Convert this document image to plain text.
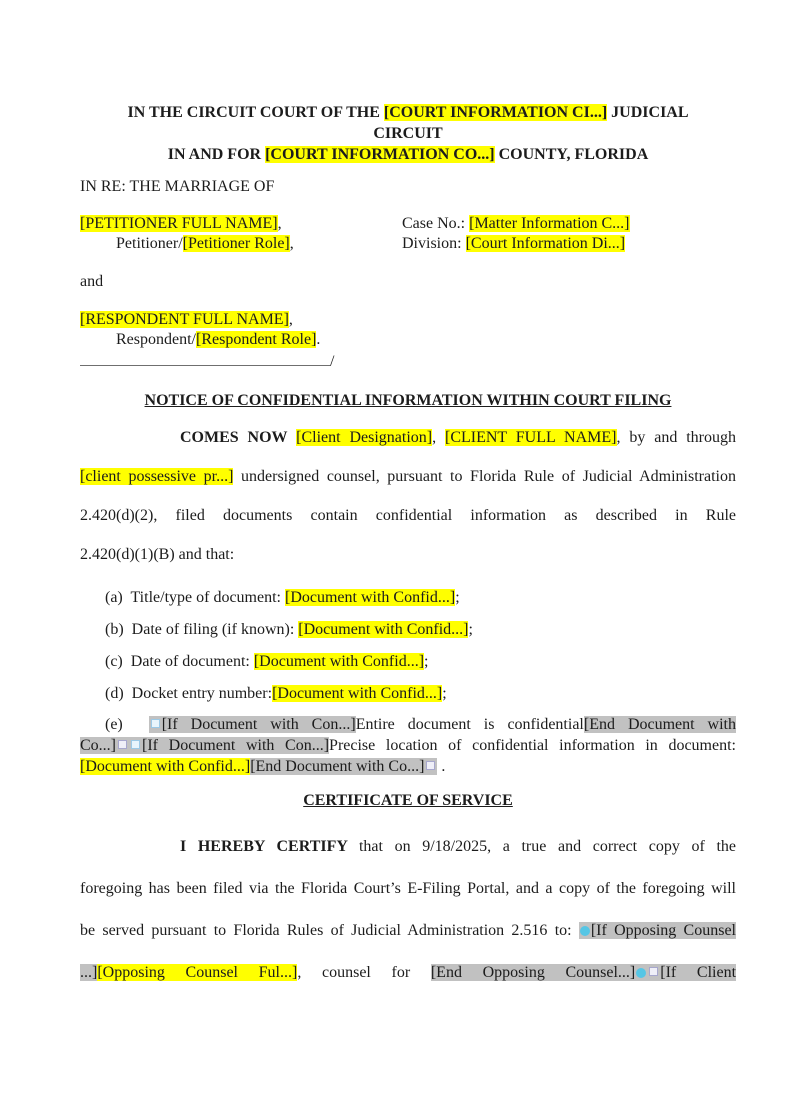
IN THE CIRCUIT COURT OF THE [COURT INFORMATION CI...] JUDICIAL
CIRCUIT
IN AND FOR [COURT INFORMATION CO...] COUNTY, FLORIDA
IN RE: THE MARRIAGE OF
[PETITIONER FULL NAME],	Case No.: [Matter Information C...]
Petitioner/[Petitioner Role],	Division: [Court Information Di...]
and
[RESPONDENT FULL NAME],
Respondent/[Respondent Role].
/
NOTICE OF CONFIDENTIAL INFORMATION WITHIN COURT FILING
COMES NOW [Client Designation], [CLIENT FULL NAME], by and through
[client possessive pr...] undersigned counsel, pursuant to Florida Rule of Judicial Administration
2.420(d)(2), filed documents contain confidential information as described in Rule
2.420(d)(1)(B) and that:
(a)  Title/type of document: [Document with Confid...];
(b)  Date of filing (if known): [Document with Confid...];
(c)  Date of document: [Document with Confid...];
(d)  Docket entry number:[Document with Confid...];
(e)  [If Document with Con...]Entire document is confidential[End Document with
Co...] [If Document with Con...]Precise location of confidential information in document:
[Document with Confid...][End Document with Co...] .
CERTIFICATE OF SERVICE
I HEREBY CERTIFY that on 9/18/2025, a true and correct copy of the
foregoing has been filed via the Florida Court’s E-Filing Portal, and a copy of the foregoing will
be served pursuant to Florida Rules of Judicial Administration 2.516 to: [If Opposing Counsel
...][Opposing Counsel Ful...], counsel for [End Opposing Counsel...] [If Client
